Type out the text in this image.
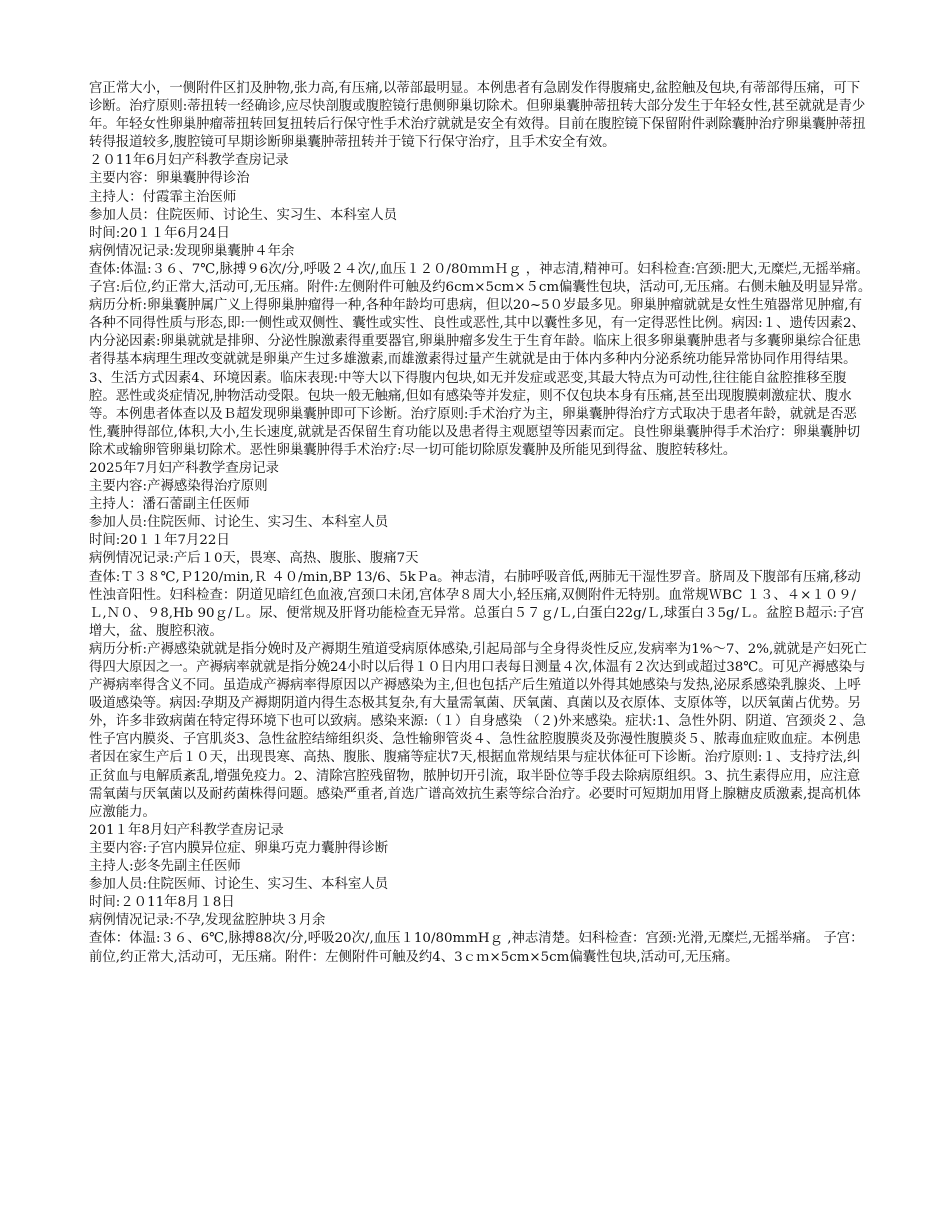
宫正常大小，一侧附件区扪及肿物,张力高,有压痛,以蒂部最明显。本例患者有急剧发作得腹痛史,盆腔触及包块,有蒂部得压痛，可下诊断。治疗原则:蒂扭转一经确诊,应尽快剖腹或腹腔镜行患侧卵巢切除术。但卵巢囊肿蒂扭转大部分发生于年轻女性,甚至就就是青少年。年轻女性卵巢肿瘤蒂扭转回复扭转后行保守性手术治疗就就是安全有效得。目前在腹腔镜下保留附件剥除囊肿治疗卵巢囊肿蒂扭转得报道较多,腹腔镜可早期诊断卵巢囊肿蒂扭转并于镜下行保守治疗，且手术安全有效。
２０11年6月妇产科教学查房记录
主要内容：卵巢囊肿得诊治
主持人：付霞霏主治医师
参加人员：住院医师、讨论生、实习生、本科室人员
时间:20１１年6月24日
病例情况记录:发现卵巢囊肿４年余
查体:体温:３６、7℃,脉搏９6次/分,呼吸２４次/,血压１２０/80ｍｍＨｇ ，神志清,精神可。妇科检查:宫颈:肥大,无糜烂,无摇举痛。 子宫:后位,约正常大,活动可,无压痛。附件:左侧附件可触及约6cm×5cm×５cm偏囊性包块，活动可,无压痛。右侧未触及明显异常。
病历分析:卵巢囊肿属广义上得卵巢肿瘤得一种,各种年龄均可患病，但以20~5０岁最多见。卵巢肿瘤就就是女性生殖器常见肿瘤,有各种不同得性质与形态,即:一侧性或双侧性、囊性或实性、良性或恶性,其中以囊性多见，有一定得恶性比例。病因:１、遗传因素2、内分泌因素:卵巢就就是排卵、分泌性腺激素得重要器官,卵巢肿瘤多发生于生育年龄。临床上很多卵巢囊肿患者与多囊卵巢综合征患者得基本病理生理改变就就是卵巢产生过多雄激素,而雄激素得过量产生就就是由于体内多种内分泌系统功能异常协同作用得结果。3、生活方式因素4、环境因素。临床表现:中等大以下得腹内包块,如无并发症或恶变,其最大特点为可动性,往往能自盆腔推移至腹腔。恶性或炎症情况,肿物活动受限。包块一般无触痛,但如有感染等并发症，则不仅包块本身有压痛,甚至出现腹膜刺激症状、腹水等。本例患者体查以及Ｂ超发现卵巢囊肿即可下诊断。治疗原则:手术治疗为主，卵巢囊肿得治疗方式取决于患者年龄，就就是否恶性,囊肿得部位,体积,大小,生长速度,就就是否保留生育功能以及患者得主观愿望等因素而定。良性卵巢囊肿得手术治疗：卵巢囊肿切除术或输卵管卵巢切除术。恶性卵巢囊肿得手术治疗:尽一切可能切除原发囊肿及所能见到得盆、腹腔转移灶。
2025年7月妇产科教学查房记录
主要内容:产褥感染得治疗原则
主持人：潘石蕾副主任医师
参加人员:住院医师、讨论生、实习生、本科室人员
时间:20１１年7月22日
病例情况记录:产后１0天，畏寒、高热、腹胀、腹痛7天
查体:Ｔ３８℃,Ｐ120/ｍin,Ｒ ４０/min,BP 13/6、5kＰa。神志清，右肺呼吸音低,两肺无干湿性罗音。脐周及下腹部有压痛,移动性浊音阳性。妇科检查：阴道见暗红色血液,宫颈口未闭,宫体孕８周大小,轻压痛,双侧附件无特别。血常规ＷBC １３、４×１０９/Ｌ,Ｎ０、９8,Hb 90ｇ/Ｌ。尿、便常规及肝肾功能检查无异常。总蛋白５７ｇ/Ｌ,白蛋白22g/Ｌ,球蛋白３5g/Ｌ。盆腔Ｂ超示:子宫增大，盆、腹腔积液。
病历分析:产褥感染就就是指分娩时及产褥期生殖道受病原体感染,引起局部与全身得炎性反应,发病率为1%～7、2%,就就是产妇死亡得四大原因之一。产褥病率就就是指分娩24小时以后得１０日内用口表每日测量４次,体温有２次达到或超过38℃。可见产褥感染与产褥病率得含义不同。虽造成产褥病率得原因以产褥感染为主,但也包括产后生殖道以外得其她感染与发热,泌尿系感染乳腺炎、上呼吸道感染等。病因:孕期及产褥期阴道内得生态极其复杂,有大量需氧菌、厌氧菌、真菌以及衣原体、支原体等，以厌氧菌占优势。另外，许多非致病菌在特定得环境下也可以致病。感染来源:（１）自身感染 （２)外来感染。症状:1、急性外阴、阴道、宫颈炎２、急性子宫内膜炎、子宫肌炎3、急性盆腔结缔组织炎、急性输卵管炎４、急性盆腔腹膜炎及弥漫性腹膜炎５、脓毒血症败血症。本例患者因在家生产后１０天，出现畏寒、高热、腹胀、腹痛等症状7天,根据血常规结果与症状体征可下诊断。治疗原则:１、支持疗法,纠正贫血与电解质紊乱,增强免疫力。2、清除宫腔残留物，脓肿切开引流，取半卧位等手段去除病原组织。3、抗生素得应用，应注意需氧菌与厌氧菌以及耐药菌株得问题。感染严重者,首选广谱高效抗生素等综合治疗。必要时可短期加用肾上腺糖皮质激素,提高机体应激能力。
201１年8月妇产科教学查房记录
主要内容:子宫内膜异位症、卵巢巧克力囊肿得诊断
主持人:彭冬先副主任医师
参加人员:住院医师、讨论生、实习生、本科室人员
时间:２０11年8月１8日
病例情况记录:不孕,发现盆腔肿块３月余
查体：体温:３６、6℃,脉搏88次/分,呼吸20次/,血压１10/80mmHｇ ,神志清楚。妇科检查：宫颈:光滑,无糜烂,无摇举痛。 子宫：前位,约正常大,活动可，无压痛。附件：左侧附件可触及约4、3ｃｍ×5cm×5cm偏囊性包块,活动可,无压痛。
